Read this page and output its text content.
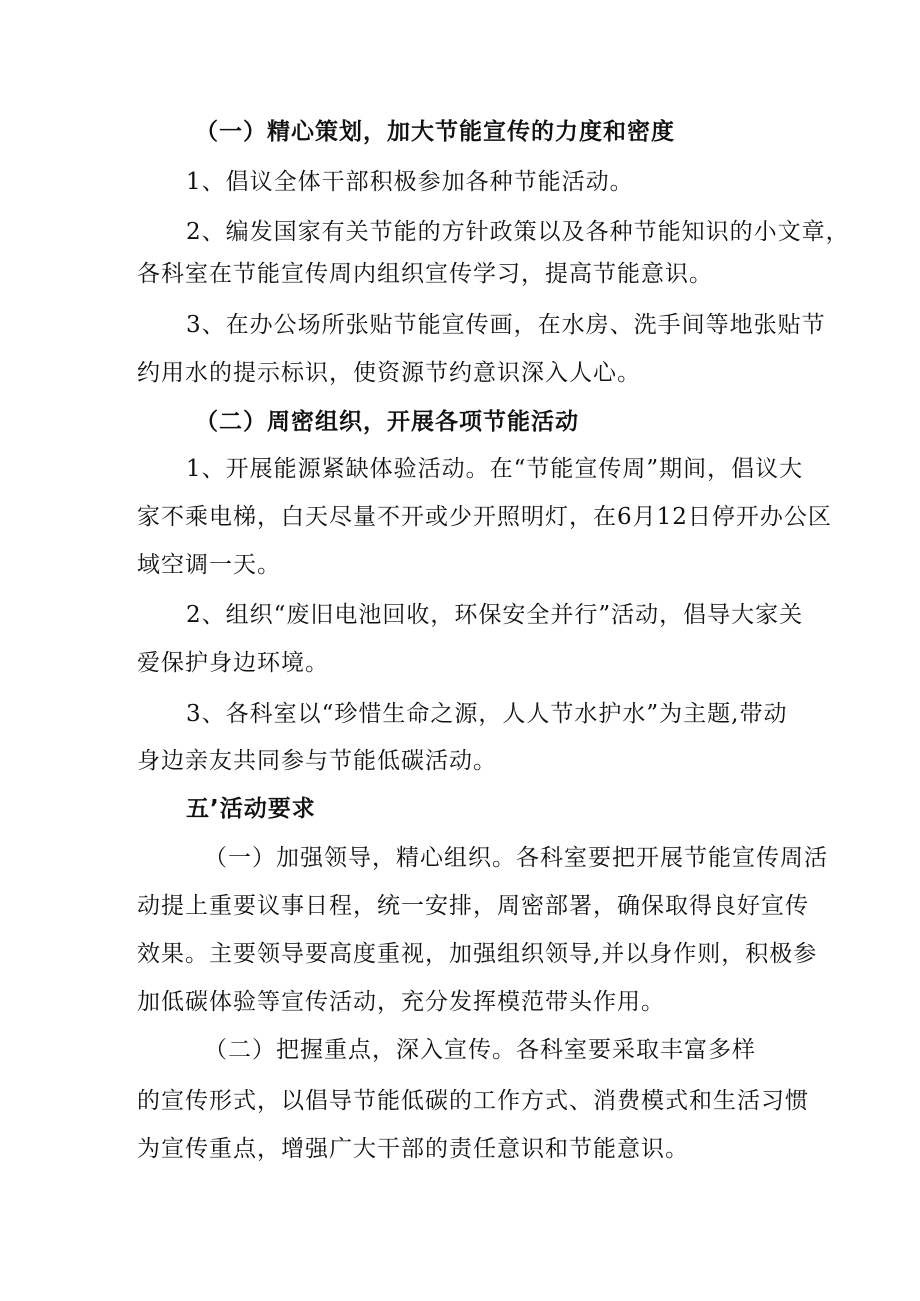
（一）精心策划，加大节能宣传的力度和密度
1、倡议全体干部积极参加各种节能活动。
2、编发国家有关节能的方针政策以及各种节能知识的小文章，
各科室在节能宣传周内组织宣传学习，提高节能意识。
3、在办公场所张贴节能宣传画，在水房、洗手间等地张贴节
约用水的提示标识，使资源节约意识深入人心。
（二）周密组织，开展各项节能活动
1、开展能源紧缺体验活动。在“节能宣传周”期间，倡议大
家不乘电梯，白天尽量不开或少开照明灯，在6月12日停开办公区
域空调一天。
2、组织“废旧电池回收，环保安全并行”活动，倡导大家关
爱保护身边环境。
3、各科室以“珍惜生命之源，人人节水护水”为主题,带动
身边亲友共同参与节能低碳活动。
五’活动要求
（一）加强领导，精心组织。各科室要把开展节能宣传周活
动提上重要议事日程，统一安排，周密部署，确保取得良好宣传
效果。主要领导要高度重视，加强组织领导,并以身作则，积极参
加低碳体验等宣传活动，充分发挥模范带头作用。
（二）把握重点，深入宣传。各科室要采取丰富多样
的宣传形式，以倡导节能低碳的工作方式、消费模式和生活习惯
为宣传重点，增强广大干部的责任意识和节能意识。
